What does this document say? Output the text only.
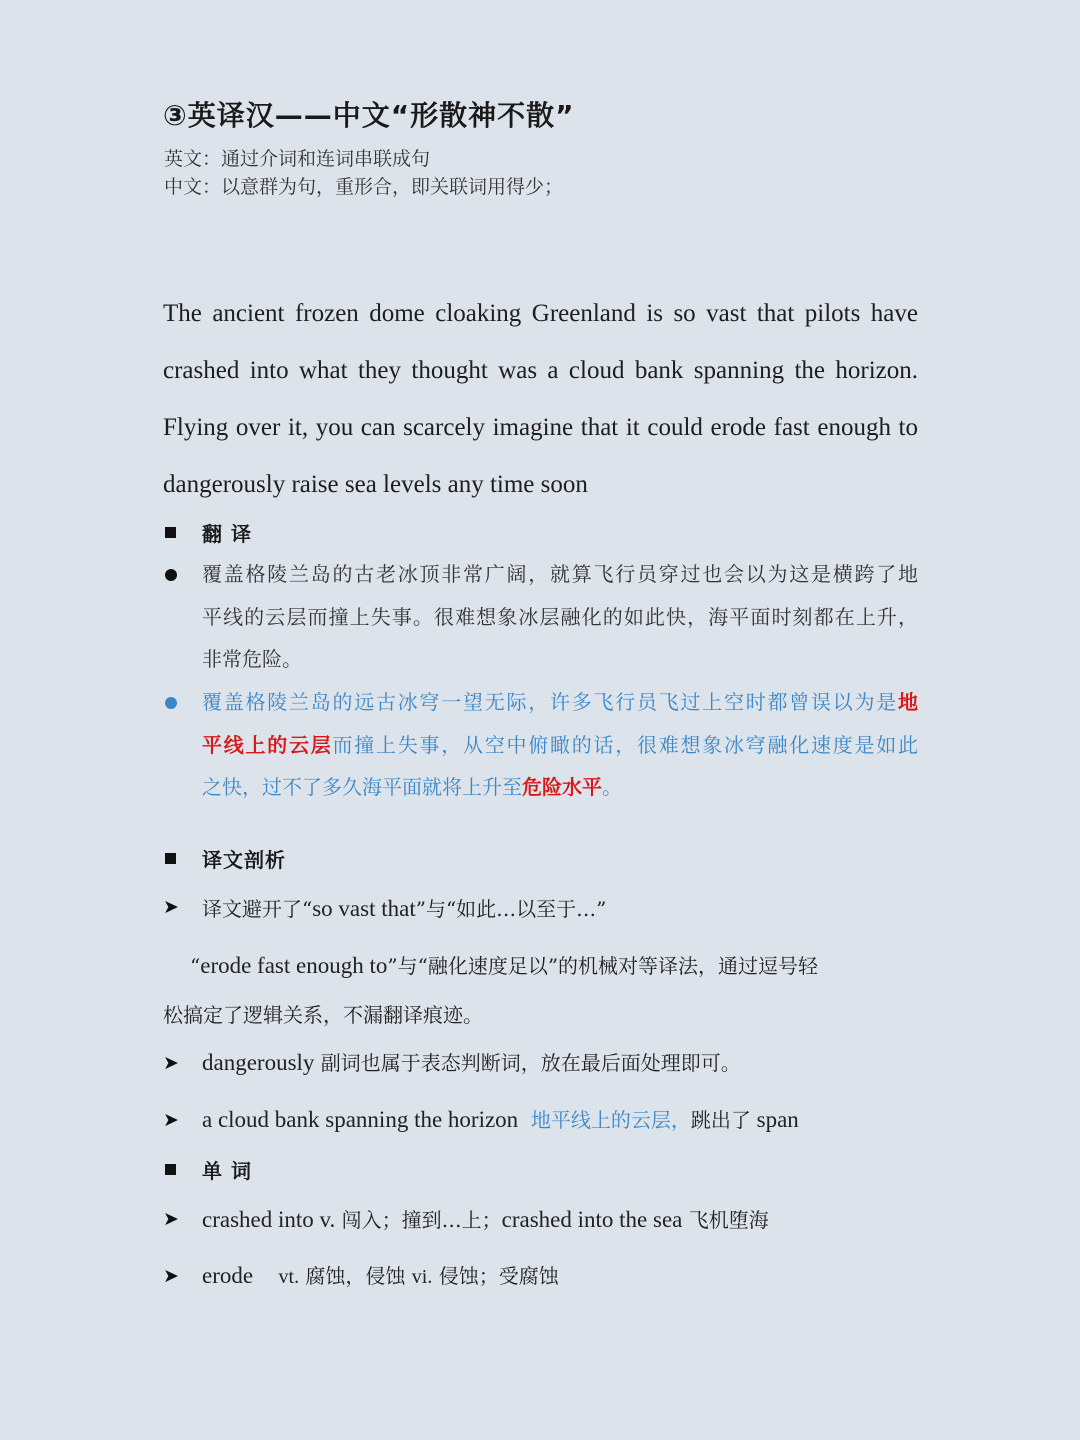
③英译汉——中文“形散神不散”
英文：通过介词和连词串联成句
中文：以意群为句，重形合，即关联词用得少；
The ancient frozen dome cloaking Greenland is so vast that pilots have
crashed into what they thought was a cloud bank spanning the horizon.
Flying over it, you can scarcely imagine that it could erode fast enough to
dangerously raise sea levels any time soon
翻 译
覆盖格陵兰岛的古老冰顶非常广阔，就算飞行员穿过也会以为这是横跨了地
平线的云层而撞上失事。很难想象冰层融化的如此快，海平面时刻都在上升，
非常危险。
覆盖格陵兰岛的远古冰穹一望无际，许多飞行员飞过上空时都曾误以为是地
平线上的云层而撞上失事，从空中俯瞰的话，很难想象冰穹融化速度是如此
之快，过不了多久海平面就将上升至危险水平。
译文剖析
➤ 译文避开了“so vast that”与“如此…以至于…”
“erode fast enough to”与“融化速度足以”的机械对等译法，通过逗号轻
松搞定了逻辑关系，不漏翻译痕迹。
➤ dangerously 副词也属于表态判断词，放在最后面处理即可。
➤ a cloud bank spanning the horizon 地平线上的云层，跳出了 span
单 词
➤ crashed into v. 闯入；撞到…上；crashed into the sea 飞机堕海
➤ erode vt. 腐蚀，侵蚀 vi. 侵蚀；受腐蚀
